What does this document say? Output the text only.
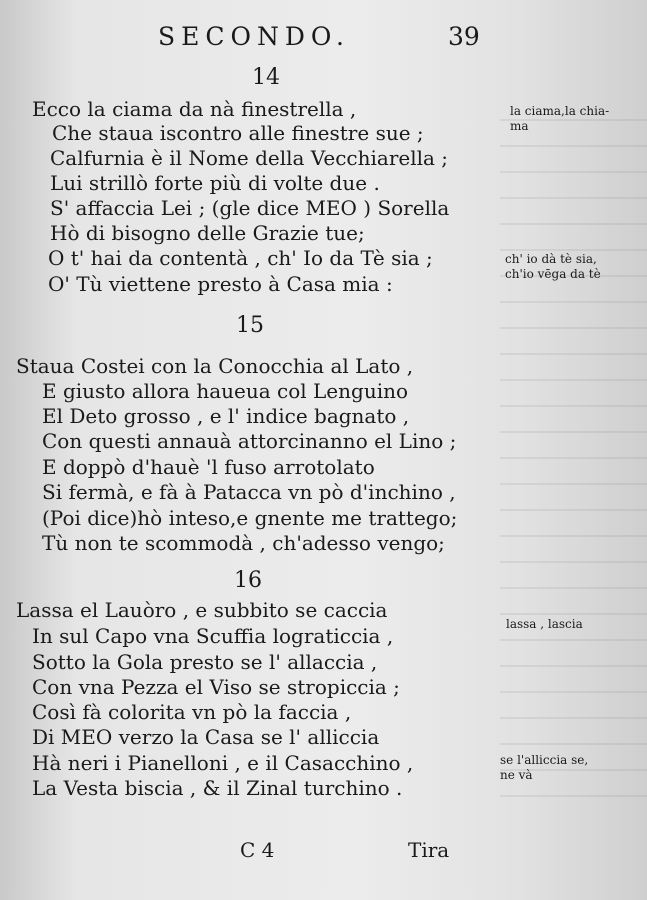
SECONDO.	39
14
Ecco la ciama da nà finestrella ,
Che staua iscontro alle finestre sue ;
Calfurnia è il Nome della Vecchiarella ;
Lui strillò forte più di volte due .
S' affaccia Lei ; (gle dice MEO ) Sorella
Hò di bisogno delle Grazie tue;
O t' hai da contentà , ch' Io da Tè sia ;
O' Tù viettene presto à Casa mia :
15
Staua Costei con la Conocchia al Lato ,
E giusto allora haueua col Lenguino
El Deto grosso , e l' indice bagnato ,
Con questi annauà attorcinanno el Lino ;
E doppò d'hauè 'l fuso arrotolato
Si fermà, e fà à Patacca vn pò d'inchino ,
(Poi dice)hò inteso,e gnente me trattego;
Tù non te scommodà , ch'adesso vengo;
16
Lassa el Lauòro , e subbito se caccia
In sul Capo vna Scuffia lograticcia ,
Sotto la Gola presto se l' allaccia ,
Con vna Pezza el Viso se stropiccia ;
Così fà colorita vn pò la faccia ,
Di MEO verzo la Casa se l' alliccia
Hà neri i Pianelloni , e il Casacchino ,
La Vesta biscia , & il Zinal turchino .
la ciama,la chia-
ma
ch' io dà tè sia,
ch'io vēga da tè
lassa , lascia
se l'alliccia se,
ne và
C 4	Tira
